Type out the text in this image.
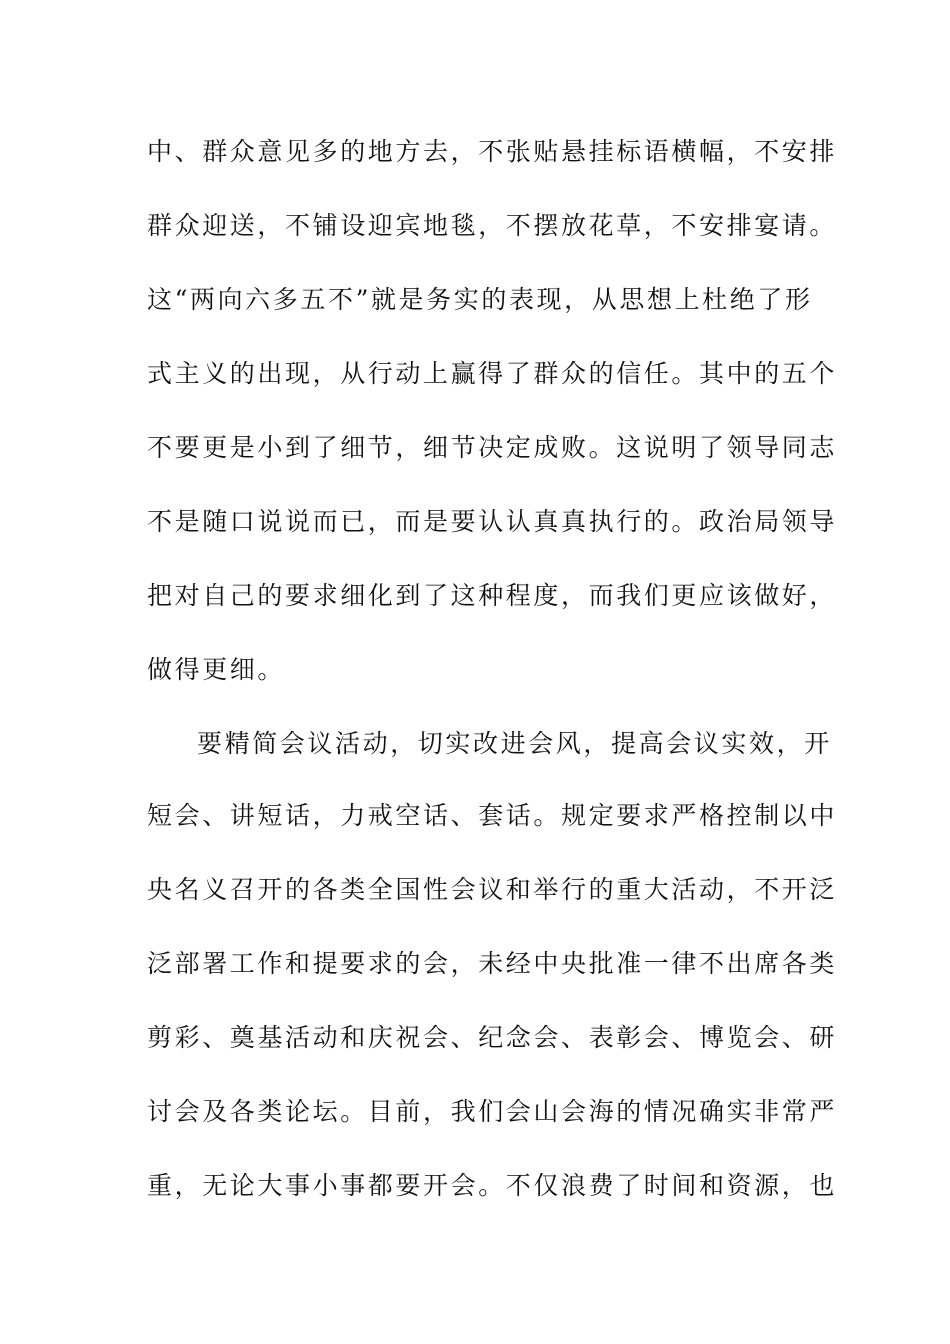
中、群众意见多的地方去，不张贴悬挂标语横幅，不安排
群众迎送，不铺设迎宾地毯，不摆放花草，不安排宴请。
这“两向六多五不”就是务实的表现，从思想上杜绝了形
式主义的出现，从行动上赢得了群众的信任。其中的五个
不要更是小到了细节，细节决定成败。这说明了领导同志
不是随口说说而已，而是要认认真真执行的。政治局领导
把对自己的要求细化到了这种程度，而我们更应该做好，
做得更细。
要精简会议活动，切实改进会风，提高会议实效，开
短会、讲短话，力戒空话、套话。规定要求严格控制以中
央名义召开的各类全国性会议和举行的重大活动，不开泛
泛部署工作和提要求的会，未经中央批准一律不出席各类
剪彩、奠基活动和庆祝会、纪念会、表彰会、博览会、研
讨会及各类论坛。目前，我们会山会海的情况确实非常严
重，无论大事小事都要开会。不仅浪费了时间和资源，也
